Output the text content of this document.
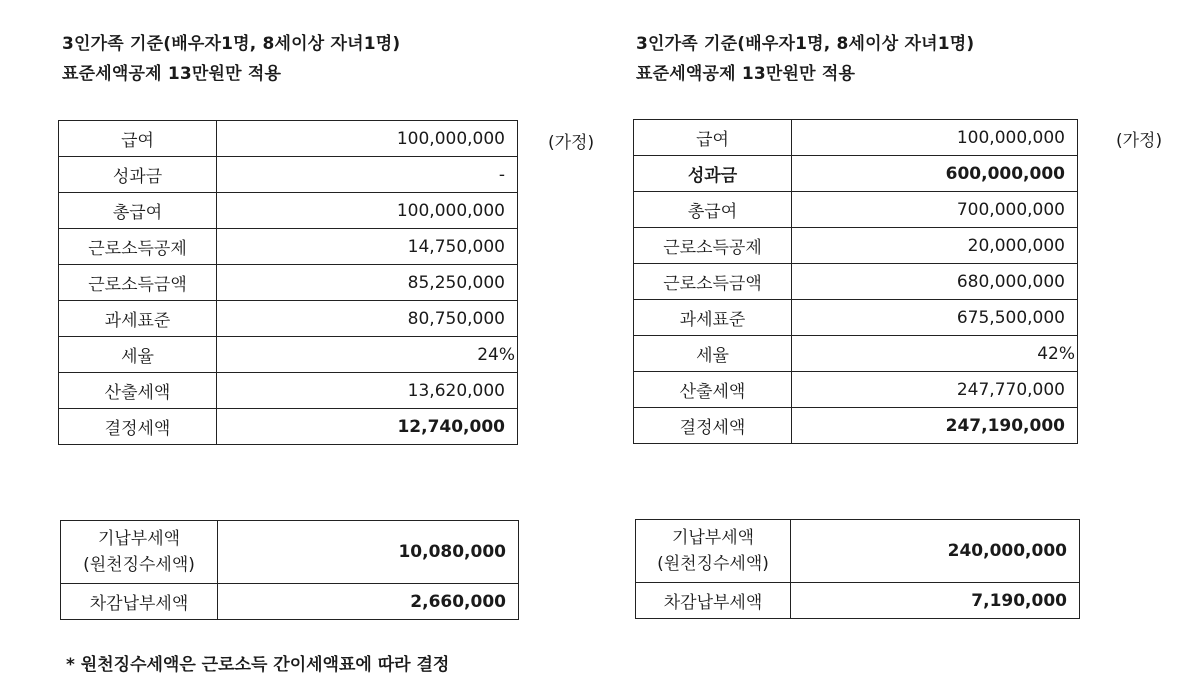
3인가족 기준(배우자1명, 8세이상 자녀1명)
표준세액공제 13만원만 적용
3인가족 기준(배우자1명, 8세이상 자녀1명)
표준세액공제 13만원만 적용
급여	100,000,000
성과금	-
총급여	100,000,000
근로소득공제	14,750,000
근로소득금액	85,250,000
과세표준	80,750,000
세율	24%
산출세액	13,620,000
결정세액	12,740,000
(가정)	급여	100,000,000
성과금	600,000,000
총급여	700,000,000
근로소득공제	20,000,000
근로소득금액	680,000,000
과세표준	675,500,000
세율	42%
산출세액	247,770,000
결정세액	247,190,000
(가정)
기납부세액
(원천징수세액)	10,080,000
차감납부세액	2,660,000
기납부세액
(원천징수세액)	240,000,000
차감납부세액	7,190,000
* 원천징수세액은 근로소득 간이세액표에 따라 결정
